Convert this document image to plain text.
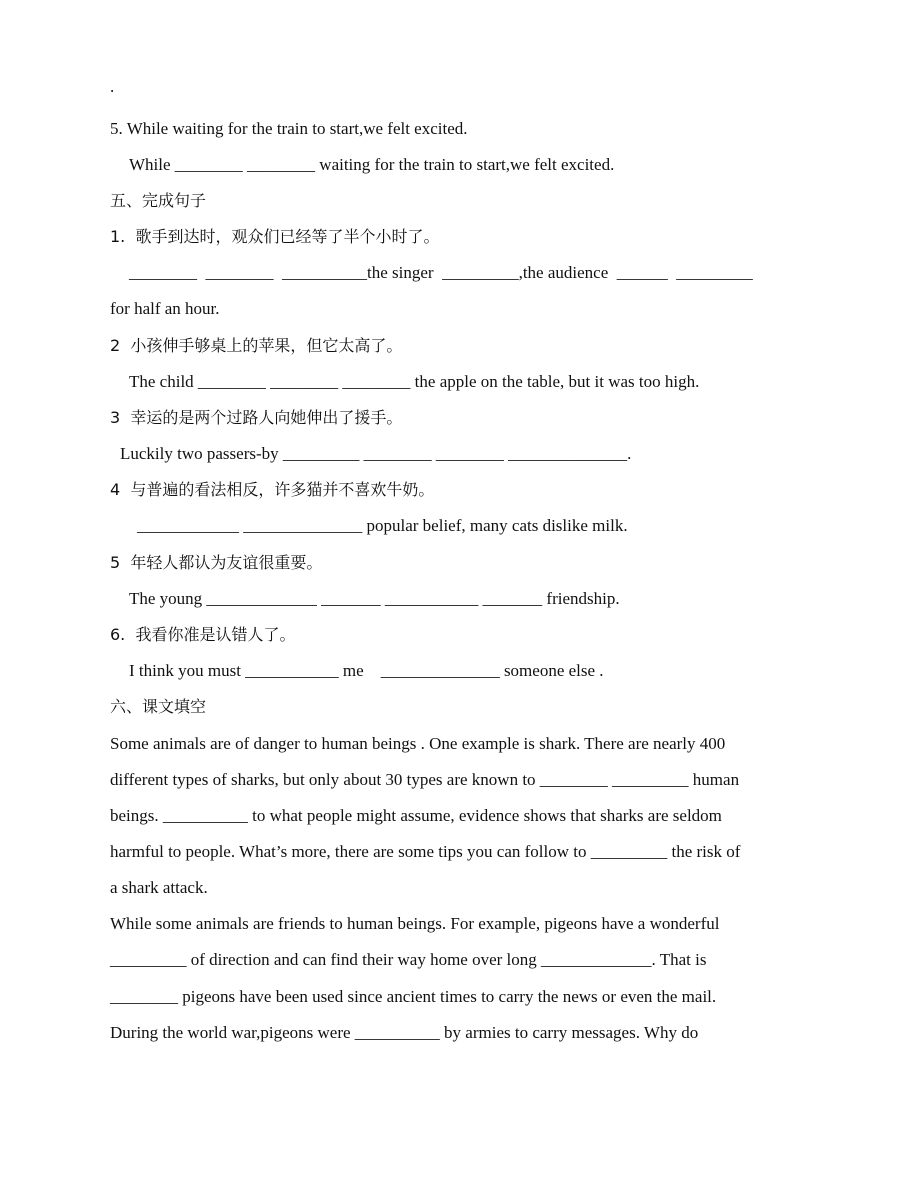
.
5. While waiting for the train to start,we felt excited.
While ________ ________ waiting for the train to start,we felt excited.
五、完成句子
1.  歌手到达时，观众们已经等了半个小时了。
________  ________  __________the singer  _________,the audience  ______  _________
for half an hour.
2  小孩伸手够桌上的苹果，但它太高了。
The child ________ ________ ________ the apple on the table, but it was too high.
3  幸运的是两个过路人向她伸出了援手。
Luckily two passers-by _________ ________ ________ ______________.
4  与普遍的看法相反，许多猫并不喜欢牛奶。
____________ ______________ popular belief, many cats dislike milk.
5  年轻人都认为友谊很重要。
The young _____________ _______ ___________ _______ friendship.
6.  我看你准是认错人了。
I think you must ___________ me    ______________ someone else .
六、课文填空
Some animals are of danger to human beings . One example is shark. There are nearly 400
different types of sharks, but only about 30 types are known to ________ _________ human
beings. __________ to what people might assume, evidence shows that sharks are seldom
harmful to people. What’s more, there are some tips you can follow to _________ the risk of
a shark attack.
While some animals are friends to human beings. For example, pigeons have a wonderful
_________ of direction and can find their way home over long _____________. That is
________ pigeons have been used since ancient times to carry the news or even the mail.
During the world war,pigeons were __________ by armies to carry messages. Why do
